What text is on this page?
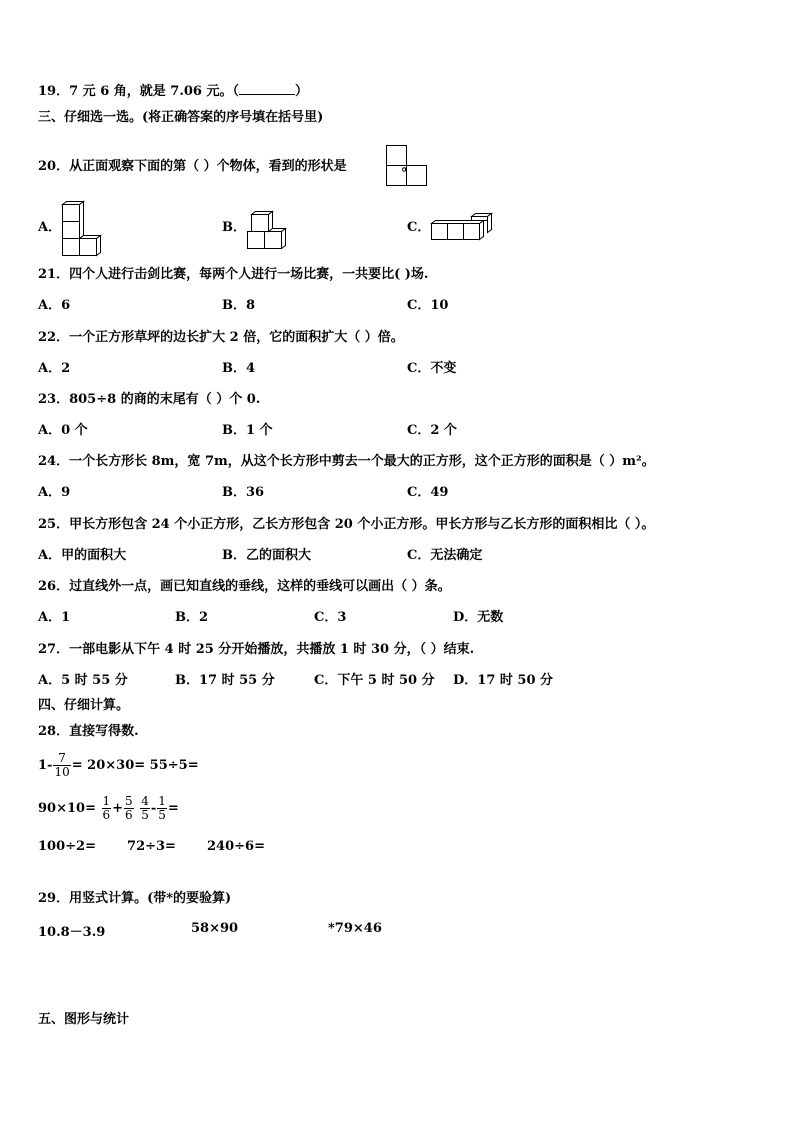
19．7 元 6 角，就是 7.06 元。（	）
三、仔细选一选。(将正确答案的序号填在括号里)
20．从正面观察下面的第（ ）个物体，看到的形状是	。
A．	B．	C．
21．四个人进行击剑比赛，每两个人进行一场比赛，一共要比( )场.
A．6	B．8	C．10
22．一个正方形草坪的边长扩大 2 倍，它的面积扩大（ ）倍。
A．2	B．4	C．不变
23．805÷8 的商的末尾有（ ）个 0.
A．0 个	B．1 个	C．2 个
24．一个长方形长 8m，宽 7m，从这个长方形中剪去一个最大的正方形，这个正方形的面积是（ ）m²。
A．9	B．36	C．49
25．甲长方形包含 24 个小正方形，乙长方形包含 20 个小正方形。甲长方形与乙长方形的面积相比（ ）。
A．甲的面积大	B．乙的面积大	C．无法确定
26．过直线外一点，画已知直线的垂线，这样的垂线可以画出（ ）条。
A．1	B．2	C．3	D．无数
27．一部电影从下午 4 时 25 分开始播放，共播放 1 时 30 分，（ ）结束.
A．5 时 55 分	B．17 时 55 分	C．下午 5 时 50 分 D．17 时 50 分
四、仔细计算。
28．直接写得数.
$1- \frac{7}{10} = 20\times 30= 55\div 5=$
$90\times 10= \frac{1}{6} + \frac{5}{6}$
$\frac{4}{5} - \frac{1}{5}$ =
100÷2= 72÷3= 240÷6=
29．用竖式计算。(带*的要验算)
10.8－3.9	58×90	*79×46
五、图形与统计
